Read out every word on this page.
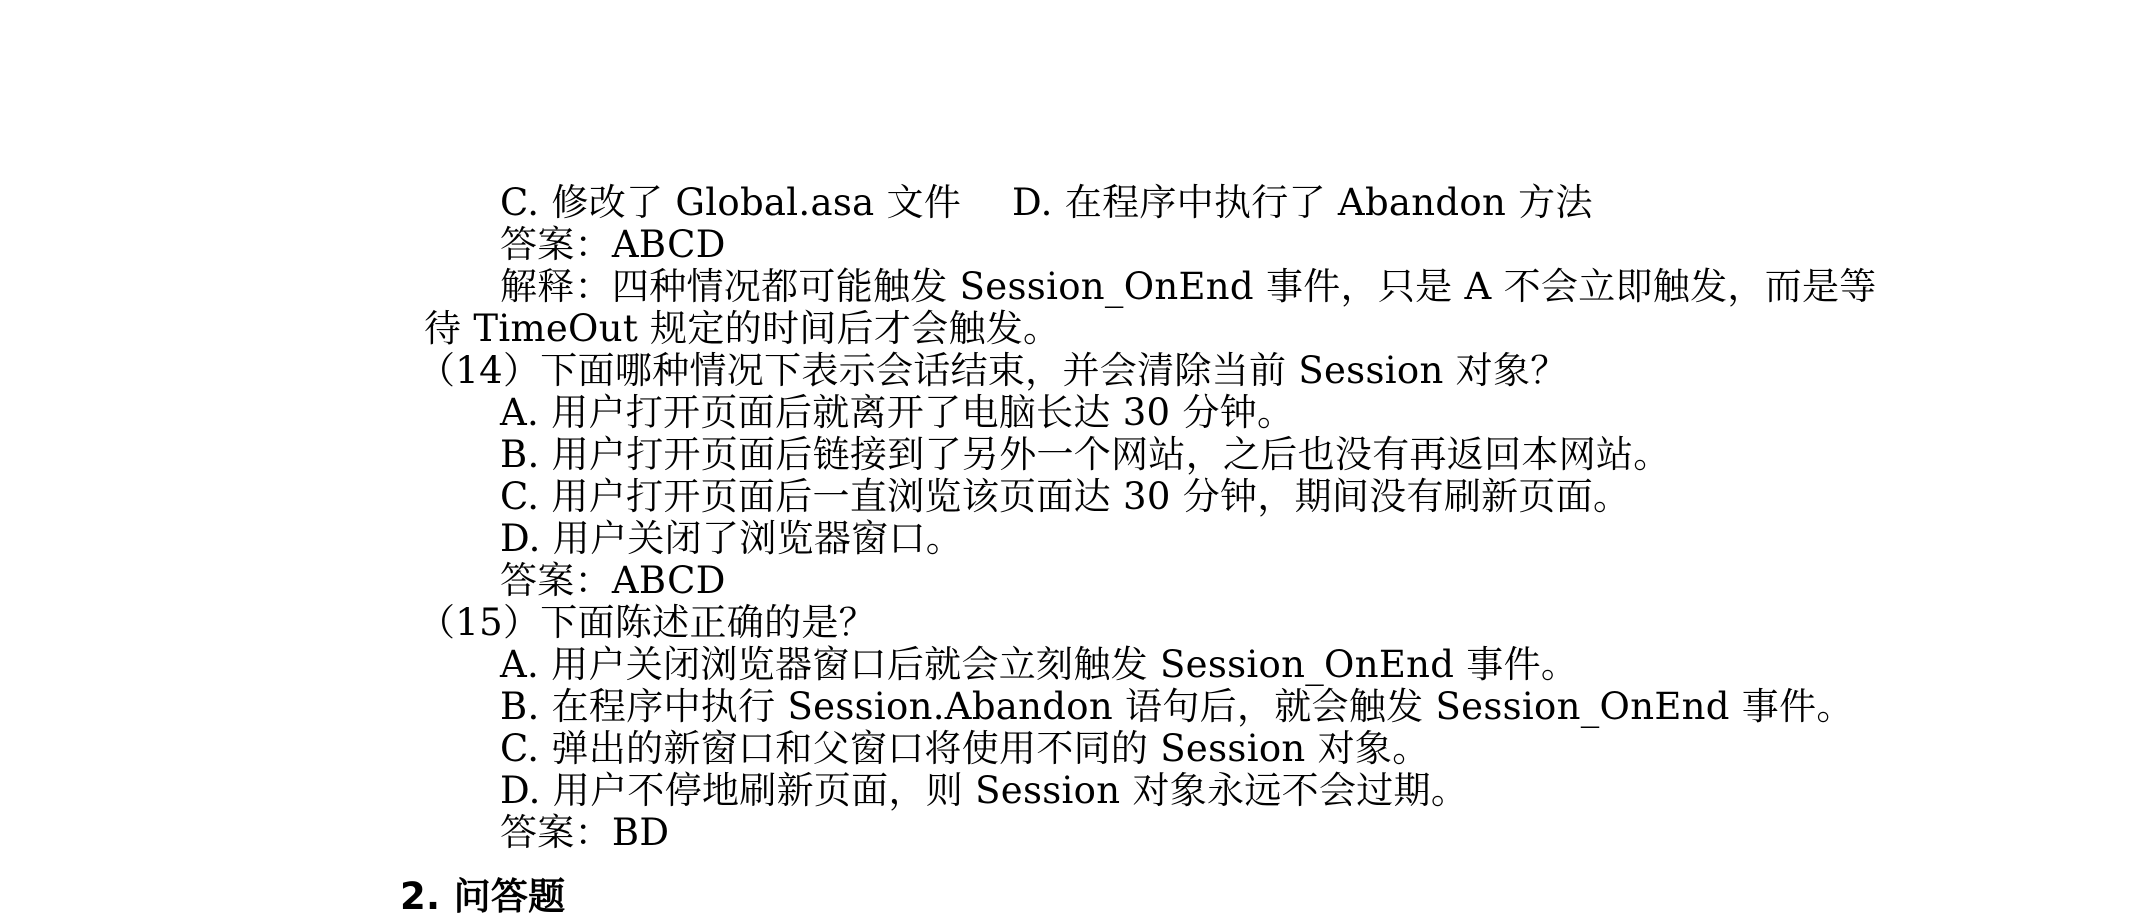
C. 修改了 Global.asa 文件 D. 在程序中执行了 Abandon 方法
答案：ABCD
解释：四种情况都可能触发 Session_OnEnd 事件，只是 A 不会立即触发，而是等
待 TimeOut 规定的时间后才会触发。
（14）下面哪种情况下表示会话结束，并会清除当前 Session 对象？
A. 用户打开页面后就离开了电脑长达 30 分钟。
B. 用户打开页面后链接到了另外一个网站，之后也没有再返回本网站。
C. 用户打开页面后一直浏览该页面达 30 分钟，期间没有刷新页面。
D. 用户关闭了浏览器窗口。
答案：ABCD
（15）下面陈述正确的是？
A. 用户关闭浏览器窗口后就会立刻触发 Session_OnEnd 事件。
B. 在程序中执行 Session.Abandon 语句后，就会触发 Session_OnEnd 事件。
C. 弹出的新窗口和父窗口将使用不同的 Session 对象。
D. 用户不停地刷新页面，则 Session 对象永远不会过期。
答案：BD
2. 问答题
